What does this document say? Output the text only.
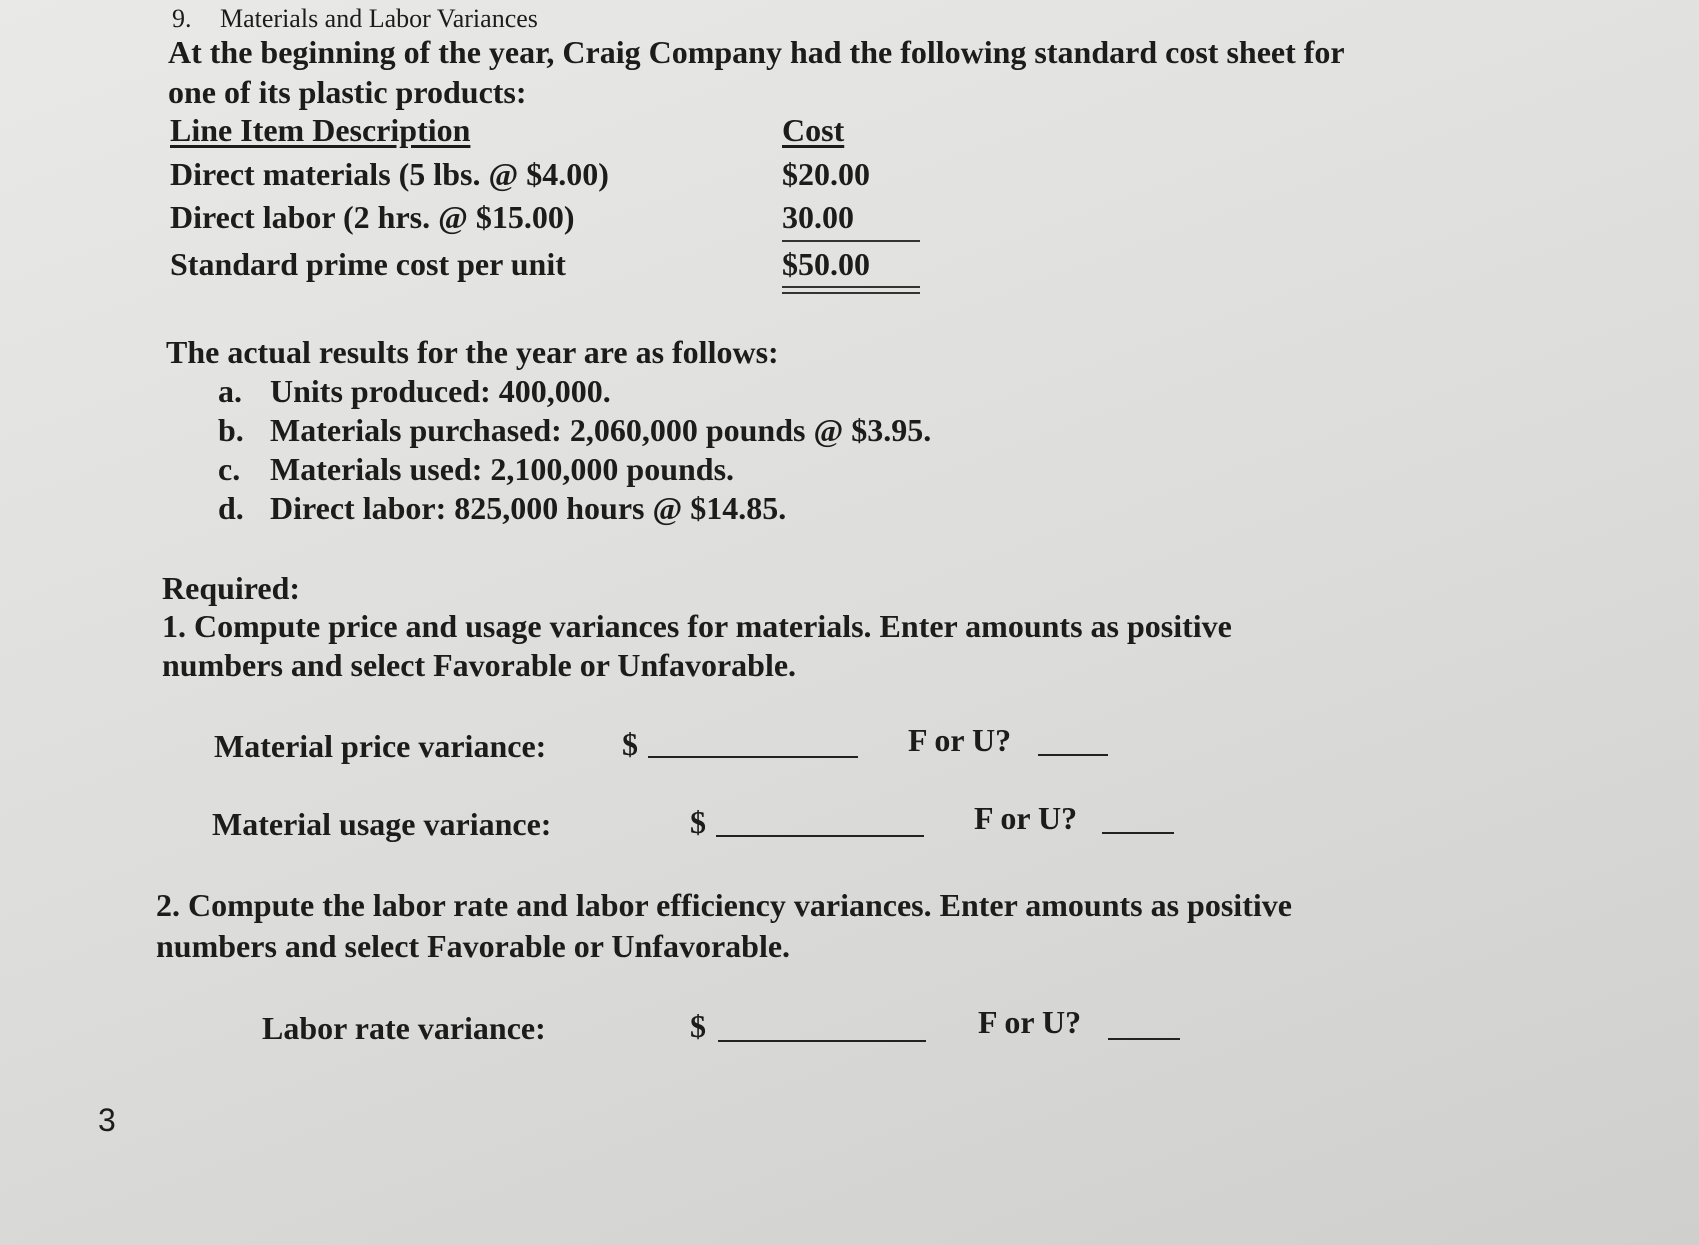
9. Materials and Labor Variances
At the beginning of the year, Craig Company had the following standard cost sheet for
one of its plastic products:
Line Item Description	Cost
Direct materials (5 lbs. @ $4.00)	$20.00
Direct labor (2 hrs. @ $15.00)	30.00
Standard prime cost per unit	$50.00
The actual results for the year are as follows:
a. Units produced: 400,000.
b. Materials purchased: 2,060,000 pounds @ $3.95.
c. Materials used: 2,100,000 pounds.
d. Direct labor: 825,000 hours @ $14.85.
Required:
1. Compute price and usage variances for materials. Enter amounts as positive
numbers and select Favorable or Unfavorable.
Material price variance: $	F or U?
Material usage variance:	$	F or U?
2. Compute the labor rate and labor efficiency variances. Enter amounts as positive
numbers and select Favorable or Unfavorable.
Labor rate variance:	$	F or U?
3
